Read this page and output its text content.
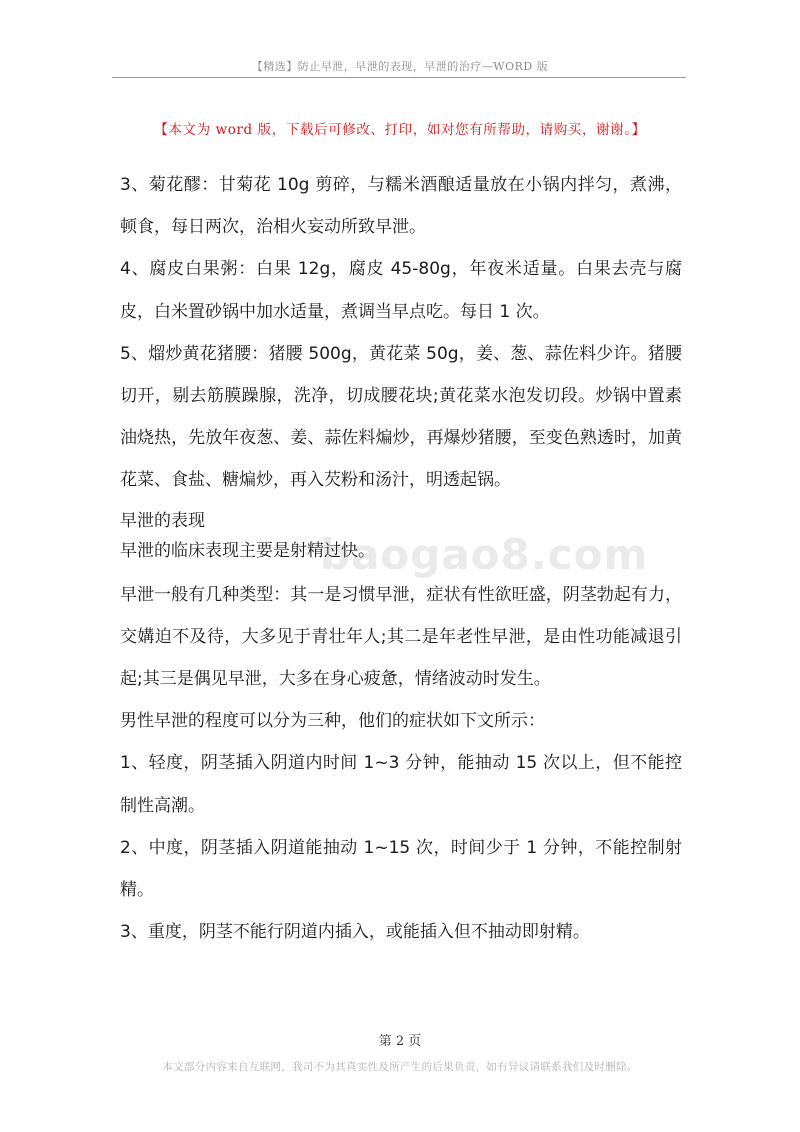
【精选】防止早泄，早泄的表现，早泄的治疗—WORD 版
【本文为 word 版，下载后可修改、打印，如对您有所帮助，请购买，谢谢。】
baogao8.com

3、菊花醪：甘菊花 10g 剪碎，与糯米酒酿适量放在小锅内拌匀，煮沸，顿食，每日两次，治相火妄动所致早泄。

4、腐皮白果粥：白果 12g，腐皮 45-80g，年夜米适量。白果去壳与腐皮，白米置砂锅中加水适量，煮调当早点吃。每日 1 次。

5、熘炒黄花猪腰：猪腰 500g，黄花菜 50g，姜、葱、蒜佐料少许。猪腰切开，剔去筋膜躁腺，洗净，切成腰花块;黄花菜水泡发切段。炒锅中置素油烧热，先放年夜葱、姜、蒜佐料煸炒，再爆炒猪腰，至变色熟透时，加黄花菜、食盐、糖煸炒，再入芡粉和汤汁，明透起锅。

早泄的表现

早泄的临床表现主要是射精过快。

早泄一般有几种类型：其一是习惯早泄，症状有性欲旺盛，阴茎勃起有力，交媾迫不及待，大多见于青壮年人;其二是年老性早泄，是由性功能减退引起;其三是偶见早泄，大多在身心疲惫，情绪波动时发生。

男性早泄的程度可以分为三种，他们的症状如下文所示：

1、轻度，阴茎插入阴道内时间 1~3 分钟，能抽动 15 次以上，但不能控制性高潮。

2、中度，阴茎插入阴道能抽动 1~15 次，时间少于 1 分钟，不能控制射精。

3、重度，阴茎不能行阴道内插入，或能插入但不抽动即射精。

第 2 页
本文部分内容来自互联网，我司不为其真实性及所产生的后果负责，如有异议请联系我们及时删除。
